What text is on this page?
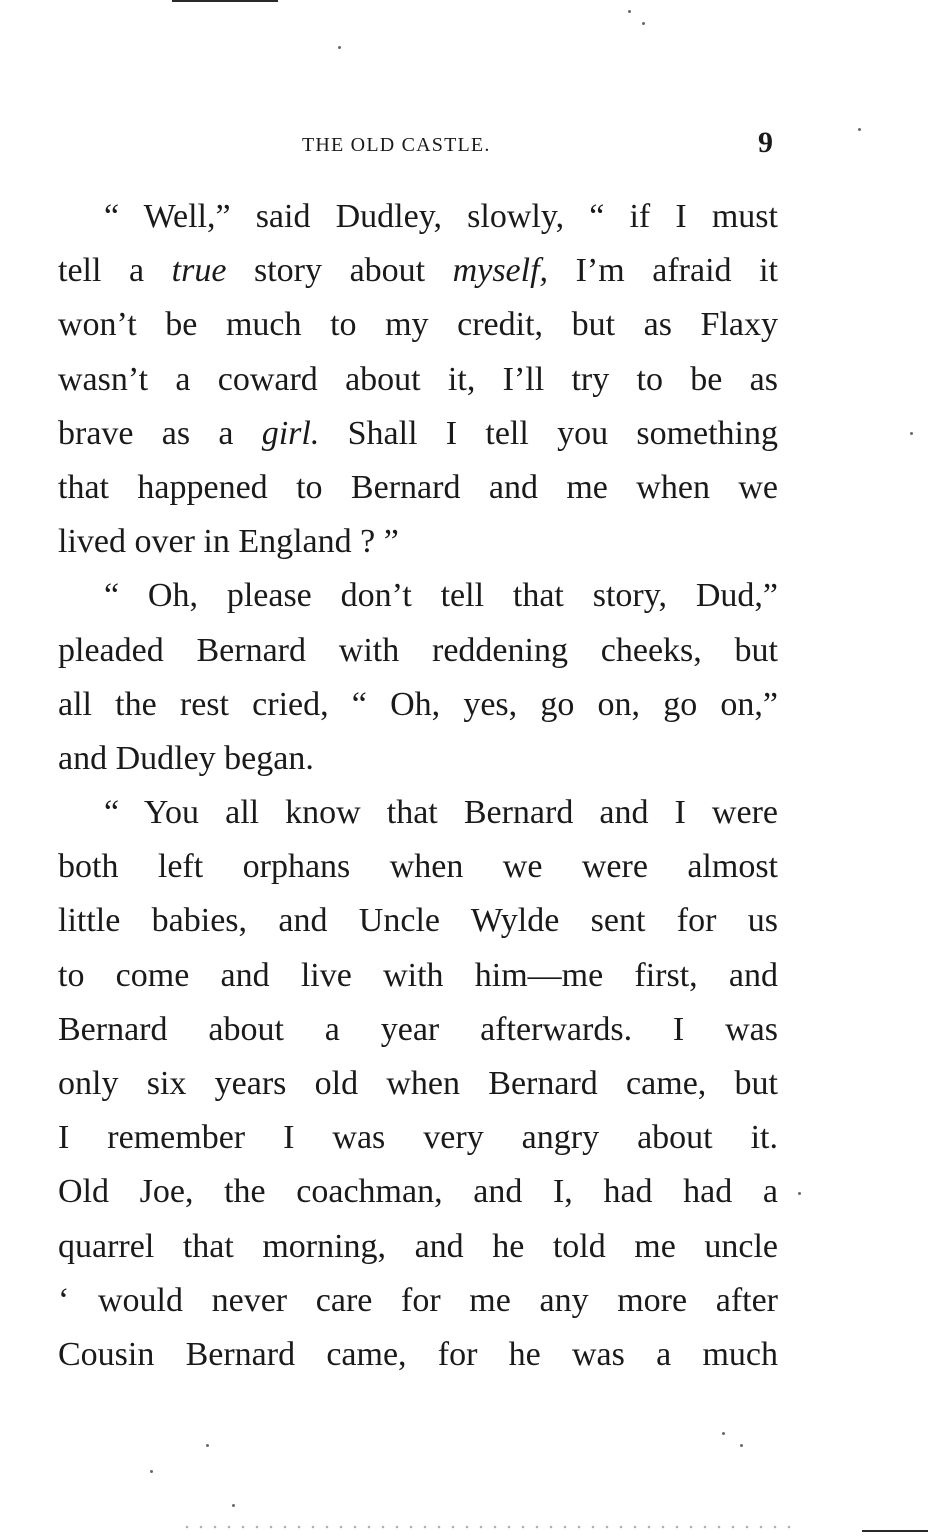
THE OLD CASTLE.	9
“ Well,” said Dudley, slowly, “ if I must
tell a true story about myself, I’m afraid it
won’t be much to my credit, but as Flaxy
wasn’t a coward about it, I’ll try to be as
brave as a girl. Shall I tell you something
that happened to Bernard and me when we
lived over in England ? ”
“ Oh, please don’t tell that story, Dud,”
pleaded Bernard with reddening cheeks, but
all the rest cried, “ Oh, yes, go on, go on,”
and Dudley began.
“ You all know that Bernard and I were
both left orphans when we were almost
little babies, and Uncle Wylde sent for us
to come and live with him—me first, and
Bernard about a year afterwards. I was
only six years old when Bernard came, but
I remember I was very angry about it.
Old Joe, the coachman, and I, had had a
quarrel that morning, and he told me uncle
‘ would never care for me any more after
Cousin Bernard came, for he was a much
